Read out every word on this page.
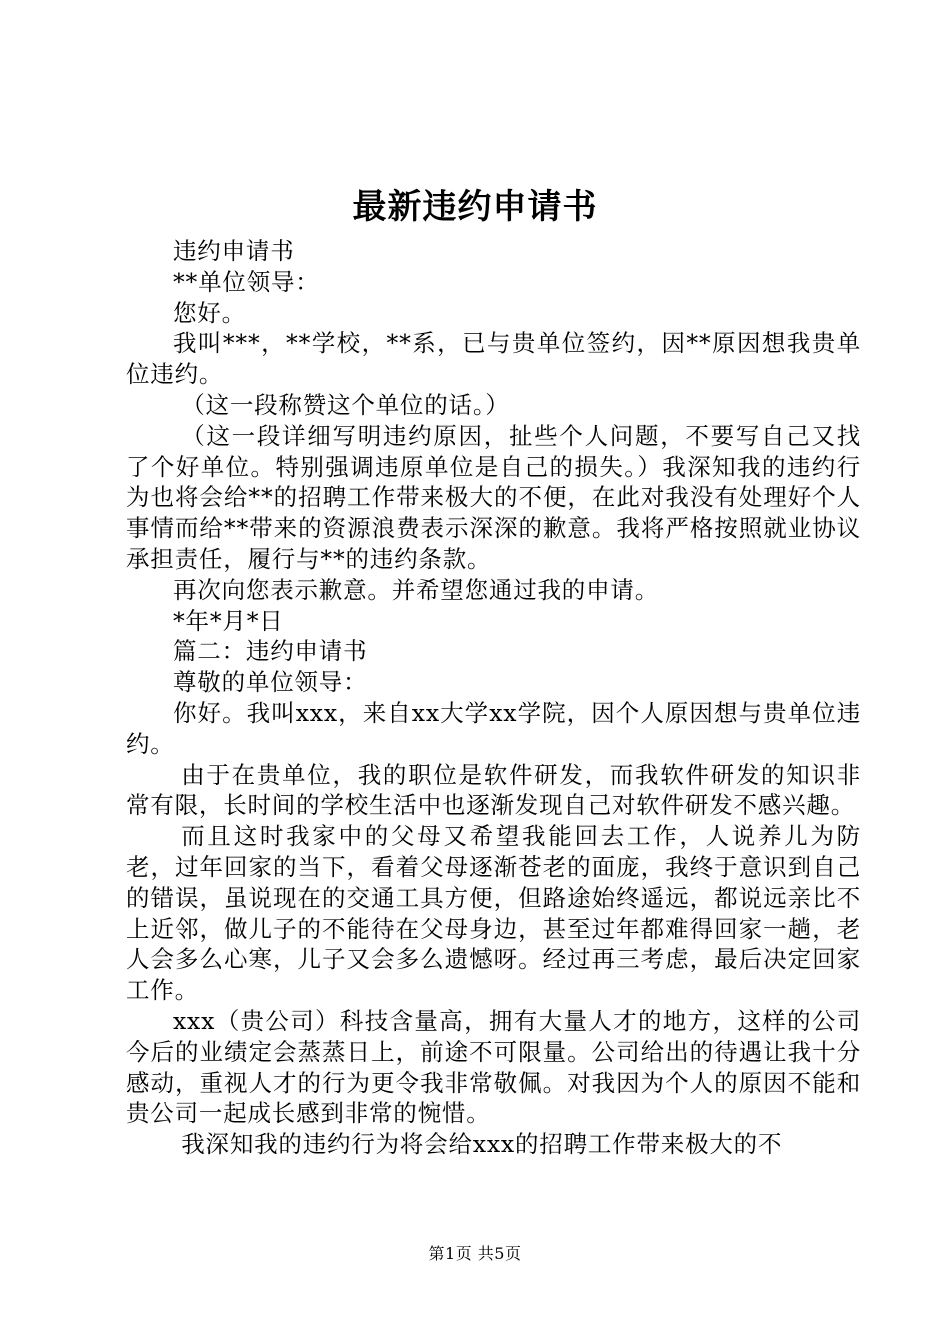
最新违约申请书

违约申请书

**单位领导：

您好。

我叫***，**学校，**系，已与贵单位签约，因**原因想我贵单位违约。

（这一段称赞这个单位的话。）

（这一段详细写明违约原因，扯些个人问题，不要写自己又找了个好单位。特别强调违原单位是自己的损失。）我深知我的违约行为也将会给**的招聘工作带来极大的不便，在此对我没有处理好个人事情而给**带来的资源浪费表示深深的歉意。我将严格按照就业协议承担责任，履行与**的违约条款。

再次向您表示歉意。并希望您通过我的申请。

*年*月*日

篇二：违约申请书

尊敬的单位领导：

你好。我叫xxx，来自xx大学xx学院，因个人原因想与贵单位违约。

由于在贵单位，我的职位是软件研发，而我软件研发的知识非常有限，长时间的学校生活中也逐渐发现自己对软件研发不感兴趣。

而且这时我家中的父母又希望我能回去工作，人说养儿为防老，过年回家的当下，看着父母逐渐苍老的面庞，我终于意识到自己的错误，虽说现在的交通工具方便，但路途始终遥远，都说远亲比不上近邻，做儿子的不能待在父母身边，甚至过年都难得回家一趟，老人会多么心寒，儿子又会多么遗憾呀。经过再三考虑，最后决定回家工作。

xxx（贵公司）科技含量高，拥有大量人才的地方，这样的公司今后的业绩定会蒸蒸日上，前途不可限量。公司给出的待遇让我十分感动，重视人才的行为更令我非常敬佩。对我因为个人的原因不能和贵公司一起成长感到非常的惋惜。

我深知我的违约行为将会给xxx的招聘工作带来极大的不

第1页 共5页
